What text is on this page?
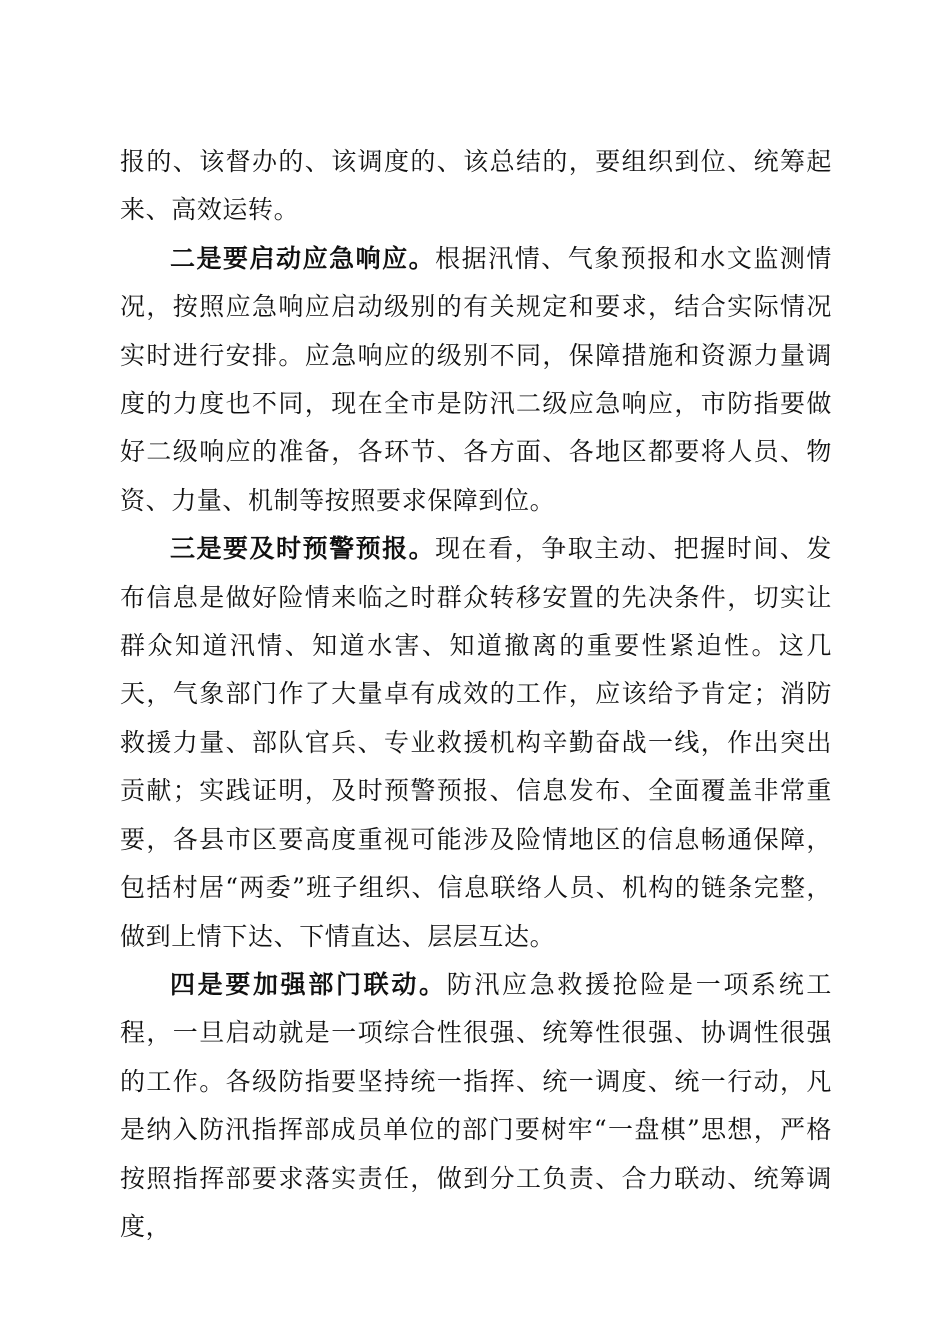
报的、该督办的、该调度的、该总结的，要组织到位、统筹起来、高效运转。

二是要启动应急响应。根据汛情、气象预报和水文监测情况，按照应急响应启动级别的有关规定和要求，结合实际情况实时进行安排。应急响应的级别不同，保障措施和资源力量调度的力度也不同，现在全市是防汛二级应急响应，市防指要做好二级响应的准备，各环节、各方面、各地区都要将人员、物资、力量、机制等按照要求保障到位。

三是要及时预警预报。现在看，争取主动、把握时间、发布信息是做好险情来临之时群众转移安置的先决条件，切实让群众知道汛情、知道水害、知道撤离的重要性紧迫性。这几天，气象部门作了大量卓有成效的工作，应该给予肯定；消防救援力量、部队官兵、专业救援机构辛勤奋战一线，作出突出贡献；实践证明，及时预警预报、信息发布、全面覆盖非常重要，各县市区要高度重视可能涉及险情地区的信息畅通保障，包括村居“两委”班子组织、信息联络人员、机构的链条完整，做到上情下达、下情直达、层层互达。

四是要加强部门联动。防汛应急救援抢险是一项系统工程，一旦启动就是一项综合性很强、统筹性很强、协调性很强的工作。各级防指要坚持统一指挥、统一调度、统一行动，凡是纳入防汛指挥部成员单位的部门要树牢“一盘棋”思想，严格按照指挥部要求落实责任，做到分工负责、合力联动、统筹调度，
